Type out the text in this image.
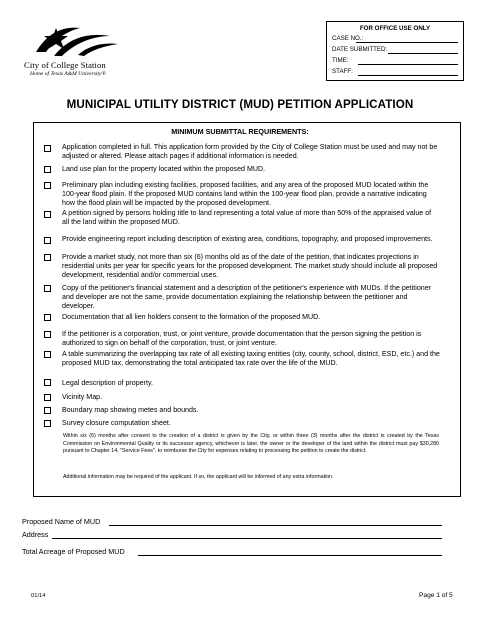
City of College Station
Home of Texas A&M University®
FOR OFFICE USE ONLY
CASE NO.:
DATE SUBMITTED:
TIME:
STAFF:
MUNICIPAL UTILITY DISTRICT (MUD) PETITION APPLICATION
MINIMUM SUBMITTAL REQUIREMENTS:
Application completed in full. This application form provided by the City of College Station must be used and may not be adjusted or altered. Please attach pages if additional information is needed.
Land use plan for the property located within the proposed MUD.
Preliminary plan including existing facilities, proposed facilities, and any area of the proposed MUD located within the 100-year flood plain. If the proposed MUD contains land within the 100-year flood plan, provide a narrative indicating how the flood plain will be impacted by the proposed development.
A petition signed by persons holding title to land representing a total value of more than 50% of the appraised value of all the land within the proposed MUD.
Provide engineering report including description of existing area, conditions, topography, and proposed improvements.
Provide a market study, not more than six (6) months old as of the date of the petition, that indicates projections in residential units per year for specific years for the proposed development. The market study should include all proposed development, residential and/or commercial uses.
Copy of the petitioner's financial statement and a description of the petitioner's experience with MUDs. If the petitioner and developer are not the same, provide documentation explaining the relationship between the petitioner and developer.
Documentation that all lien holders consent to the formation of the proposed MUD.
If the petitioner is a corporation, trust, or joint venture, provide documentation that the person signing the petition is authorized to sign on behalf of the corporation, trust, or joint venture.
A table summarizing the overlapping tax rate of all existing taxing entities (city, county, school, district, ESD, etc.) and the proposed MUD tax, demonstrating the total anticipated tax rate over the life of the MUD.
Legal description of property.
Vicinity Map.
Boundary map showing metes and bounds.
Survey closure computation sheet.
Within six (6) months after consent to the creation of a district is given by the City, or within three (3) months after the district is created by the Texas Commission on Environmental Quality or its successor agency, whichever is later, the owner or the developer of the land within the district must pay $30,280 pursuant to Chapter 14, "Service Fees", to reimburse the City for expenses relating to processing the petition to create the district.
Additional information may be required of the applicant. If so, the applicant will be informed of any extra information.
Proposed Name of MUD
Address
Total Acreage of Proposed MUD
01/14	Page 1 of 5
